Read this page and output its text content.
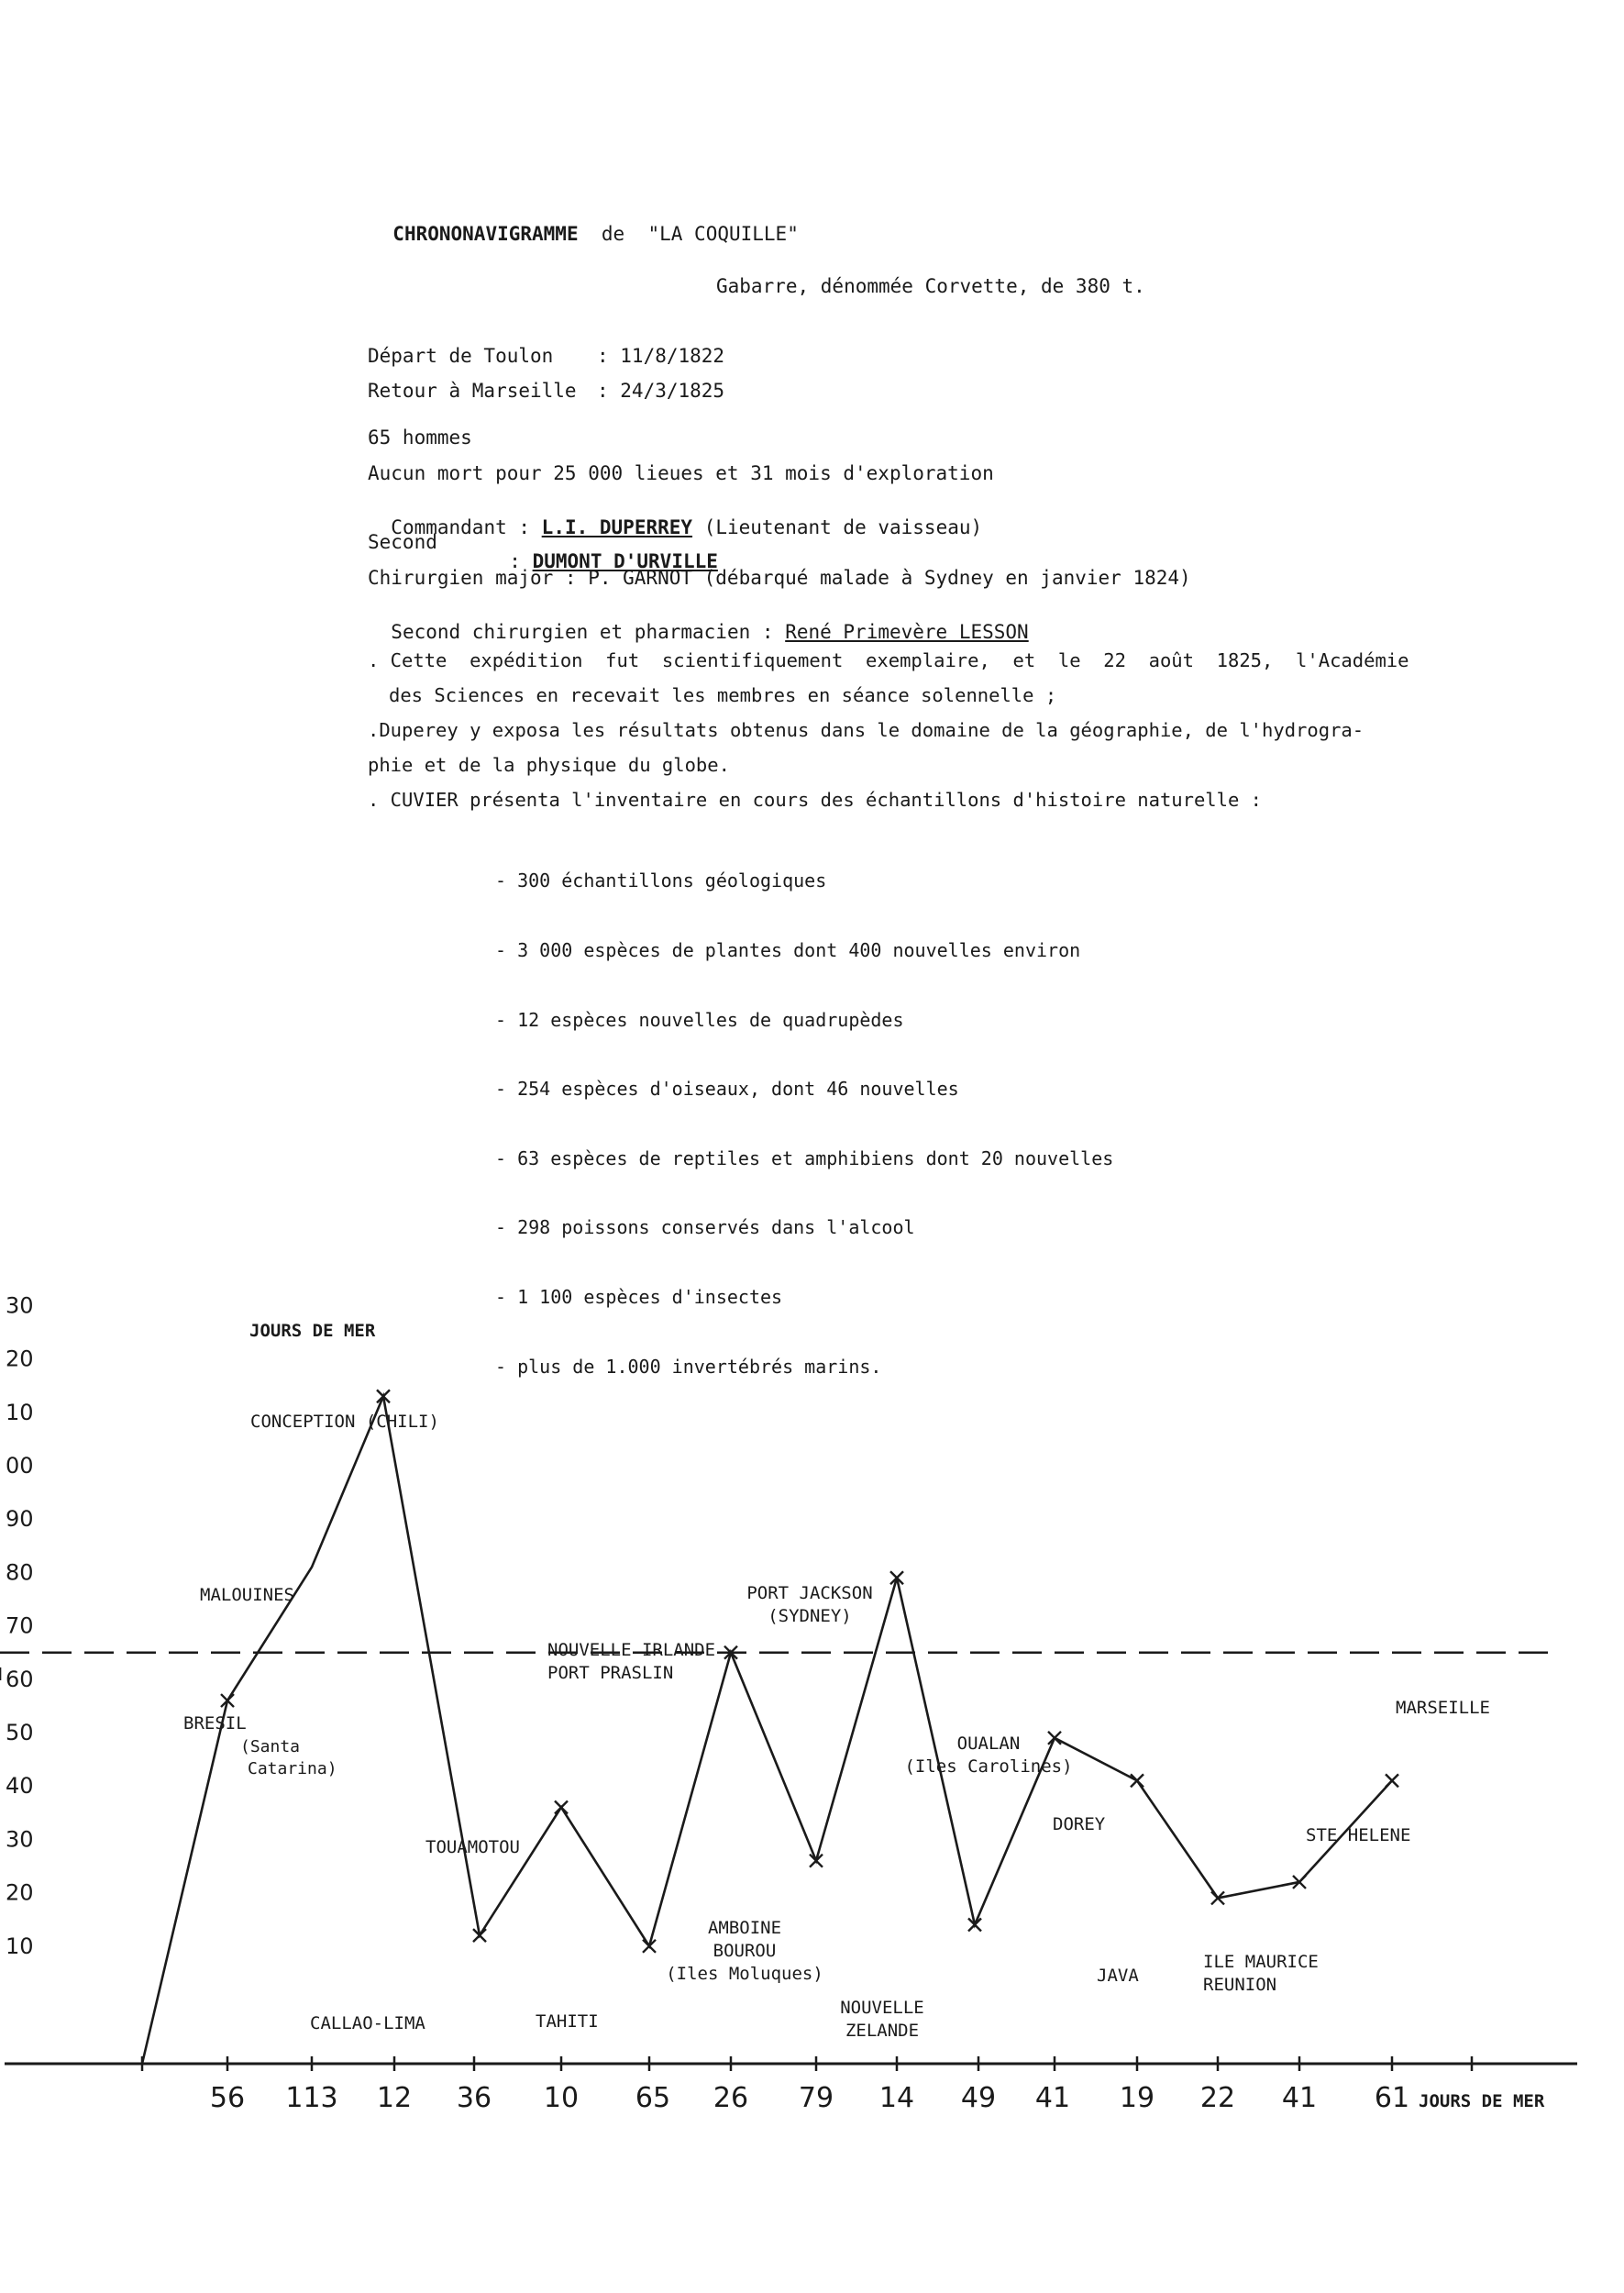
CHRONONAVIGRAMME de "LA COQUILLE"

Gabarre, dénommée Corvette, de 380 t.
Départ de Toulon : 11/8/1822
Retour à Marseille : 24/3/1825
65 hommes
Aucun mort pour 25 000 lieues et 31 mois d'exploration

Commandant : L.I. DUPERREY (Lieutenant de vaisseau)

Second

: DUMONT D'URVILLE

Chirurgien major : P. GARNOT (débarqué malade à Sydney en janvier 1824)

Second chirurgien et pharmacien : René Primevère LESSON

. Cette  expédition  fut  scientifiquement  exemplaire,  et  le  22  août  1825,  l'Académie
des Sciences en recevait les membres en séance solennelle ;
.Duperey y exposa les résultats obtenus dans le domaine de la géographie, de l'hydrogra-
phie et de la physique du globe.
. CUVIER présenta l'inventaire en cours des échantillons d'histoire naturelle :

- 300 échantillons géologiques

- 3 000 espèces de plantes dont 400 nouvelles environ

- 12 espèces nouvelles de quadrupèdes

- 254 espèces d'oiseaux, dont 46 nouvelles

- 63 espèces de reptiles et amphibiens dont 20 nouvelles

- 298 poissons conservés dans l'alcool

- 1 100 espèces d'insectes

- plus de 1.000 invertébrés marins.

JOURS DE MER
JOURS DE MER
30
20
10
00
90
80
70
60
50
40
30
20
10
BRESIL
(Santa Catarina)
MALOUINES
CONCEPTION (CHILI)
CALLAO-LIMA
TOUAMOTOU
TAHITI
NOUVELLE IRLANDE PORT PRASLIN
AMBOINE BOUROU (Iles Moluques)
PORT JACKSON (SYDNEY)
NOUVELLE ZELANDE
OUALAN (Iles Carolines)
DOREY
JAVA
ILE MAURICE REUNION
STE HELENE
MARSEILLE
56 113 12 36 10 65 26 79 14 49 41 19 22 41 61
